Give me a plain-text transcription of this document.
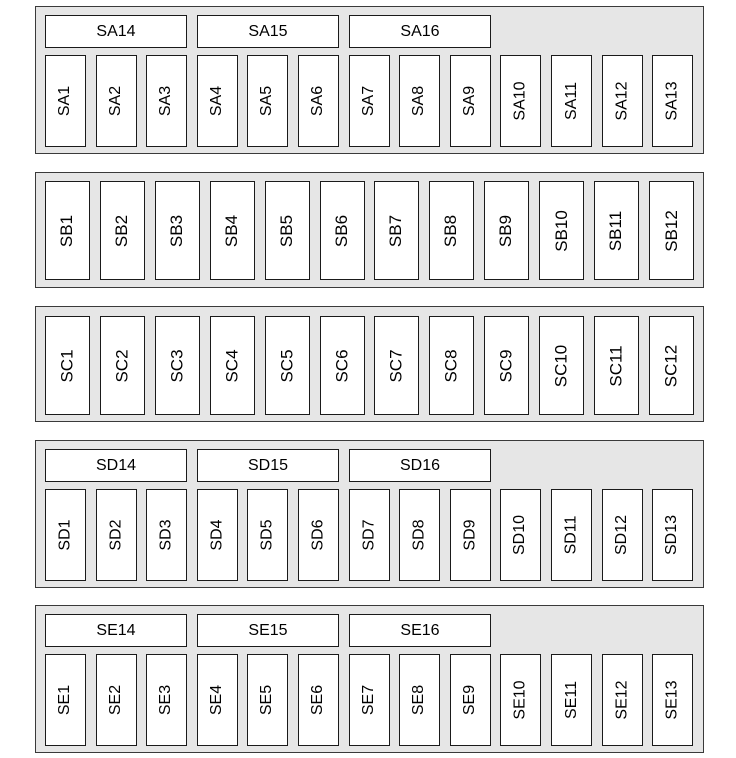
SA14	SA15	SA16
SA1 SA2 SA3 SA4 SA5 SA6 SA7 SA8 SA9 SA10 SA11 SA12 SA13
SB1 SB2 SB3 SB4 SB5 SB6 SB7 SB8 SB9 SB10 SB11 SB12
SC1 SC2 SC3 SC4 SC5 SC6 SC7 SC8 SC9 SC10 SC11 SC12
SD14	SD15	SD16
SD1 SD2 SD3 SD4 SD5 SD6 SD7 SD8 SD9 SD10 SD11 SD12 SD13
SE14	SE15	SE16
SE1 SE2 SE3 SE4 SE5 SE6 SE7 SE8 SE9 SE10 SE11 SE12 SE13
